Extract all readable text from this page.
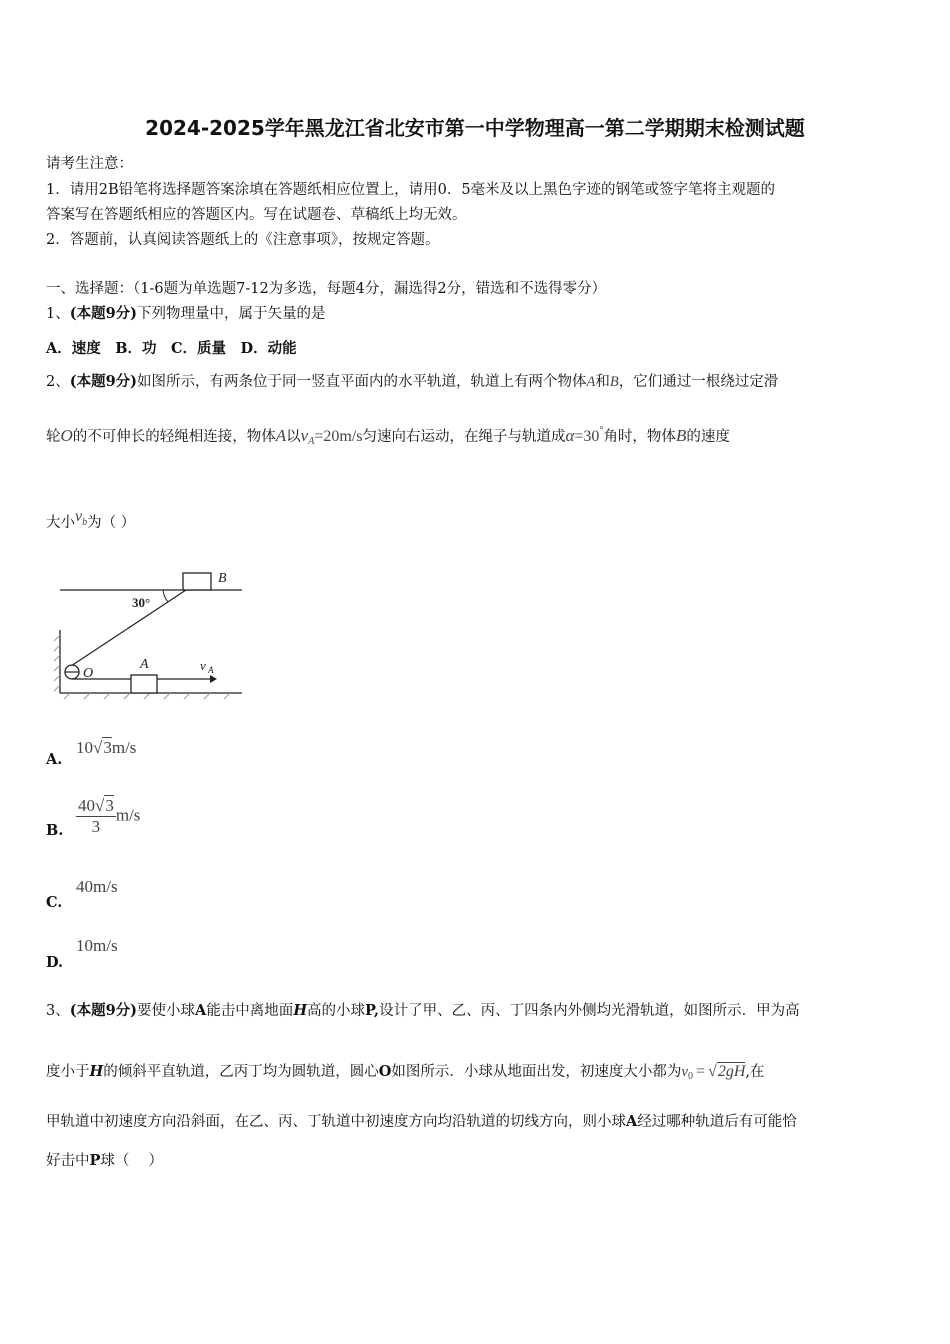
2024-2025学年黑龙江省北安市第一中学物理高一第二学期期末检测试题
请考生注意：
1．请用2B铅笔将选择题答案涂填在答题纸相应位置上，请用0．5毫米及以上黑色字迹的钢笔或签字笔将主观题的
答案写在答题纸相应的答题区内。写在试题卷、草稿纸上均无效。
2．答题前，认真阅读答题纸上的《注意事项》，按规定答题。
一、选择题：（1-6题为单选题7-12为多选，每题4分，漏选得2分，错选和不选得零分）
1、(本题9分)下列物理量中，属于矢量的是
A．速度　B．功　C．质量　D．动能
2、(本题9分)如图所示，有两条位于同一竖直平面内的水平轨道，轨道上有两个物体A和B，它们通过一根绕过定滑
轮O的不可伸长的轻绳相连接，物体A以$v_A=20m/s$匀速向右运动，在绳子与轨道成α=30°角时，物体B的速度
大小$v^b$为（ ）
B
30°
O
A	v A
A.
10√3m/s
B. $\frac{40√3}{3} m/s$
C.
40m/s
D.
10m/s
3、(本题9分)要使小球A能击中离地面H高的小球P,设计了甲、乙、丙、丁四条内外侧均光滑轨道，如图所示．甲为高
度小于H的倾斜平直轨道，乙丙丁均为圆轨道，圆心O如图所示．小球从地面出发，初速度大小都为$v_0 = √2gH$,在
甲轨道中初速度方向沿斜面，在乙、丙、丁轨道中初速度方向均沿轨道的切线方向，则小球A经过哪种轨道后有可能恰
好击中P球（　 ）
